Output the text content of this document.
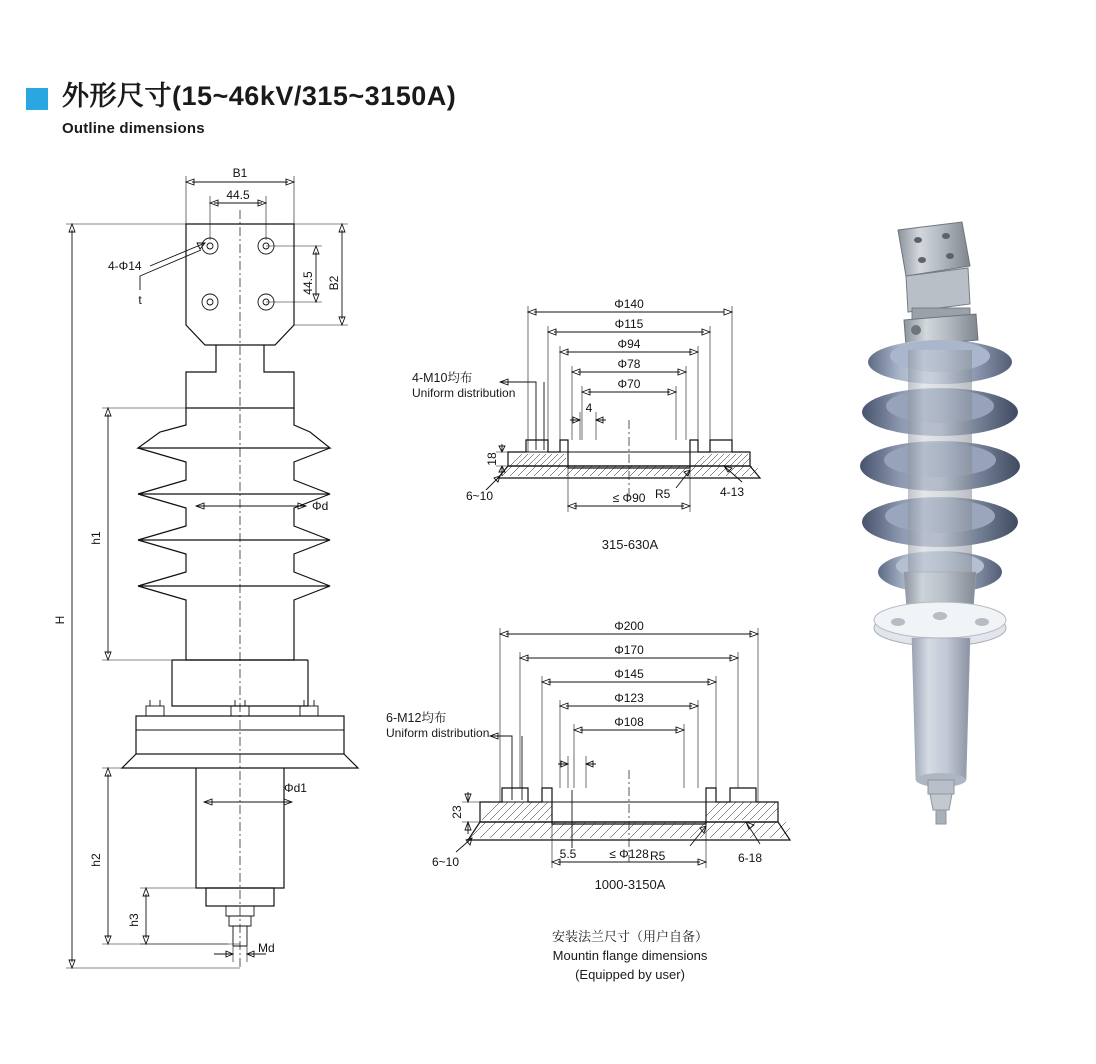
外形尺寸(15~46kV/315~3150A)
Outline dimensions
B1
44.5
44.5 B2
4-Φ14
t
H
h1
h2
h3
Φd
Φd1
Md
Φ140
Φ115
Φ94
Φ78
Φ70
4
18
6~10	R5	4-13
≤ Φ90
Φ200
Φ170
Φ145
Φ123
Φ108
23
6~10
5.5	R5	6-18
≤ Φ128
4-M10均布
Uniform distribution
315-630A
6-M12均布
Uniform distribution
1000-3150A
安装法兰尺寸（用户自备）
Mountin flange dimensions
(Equipped by user)
